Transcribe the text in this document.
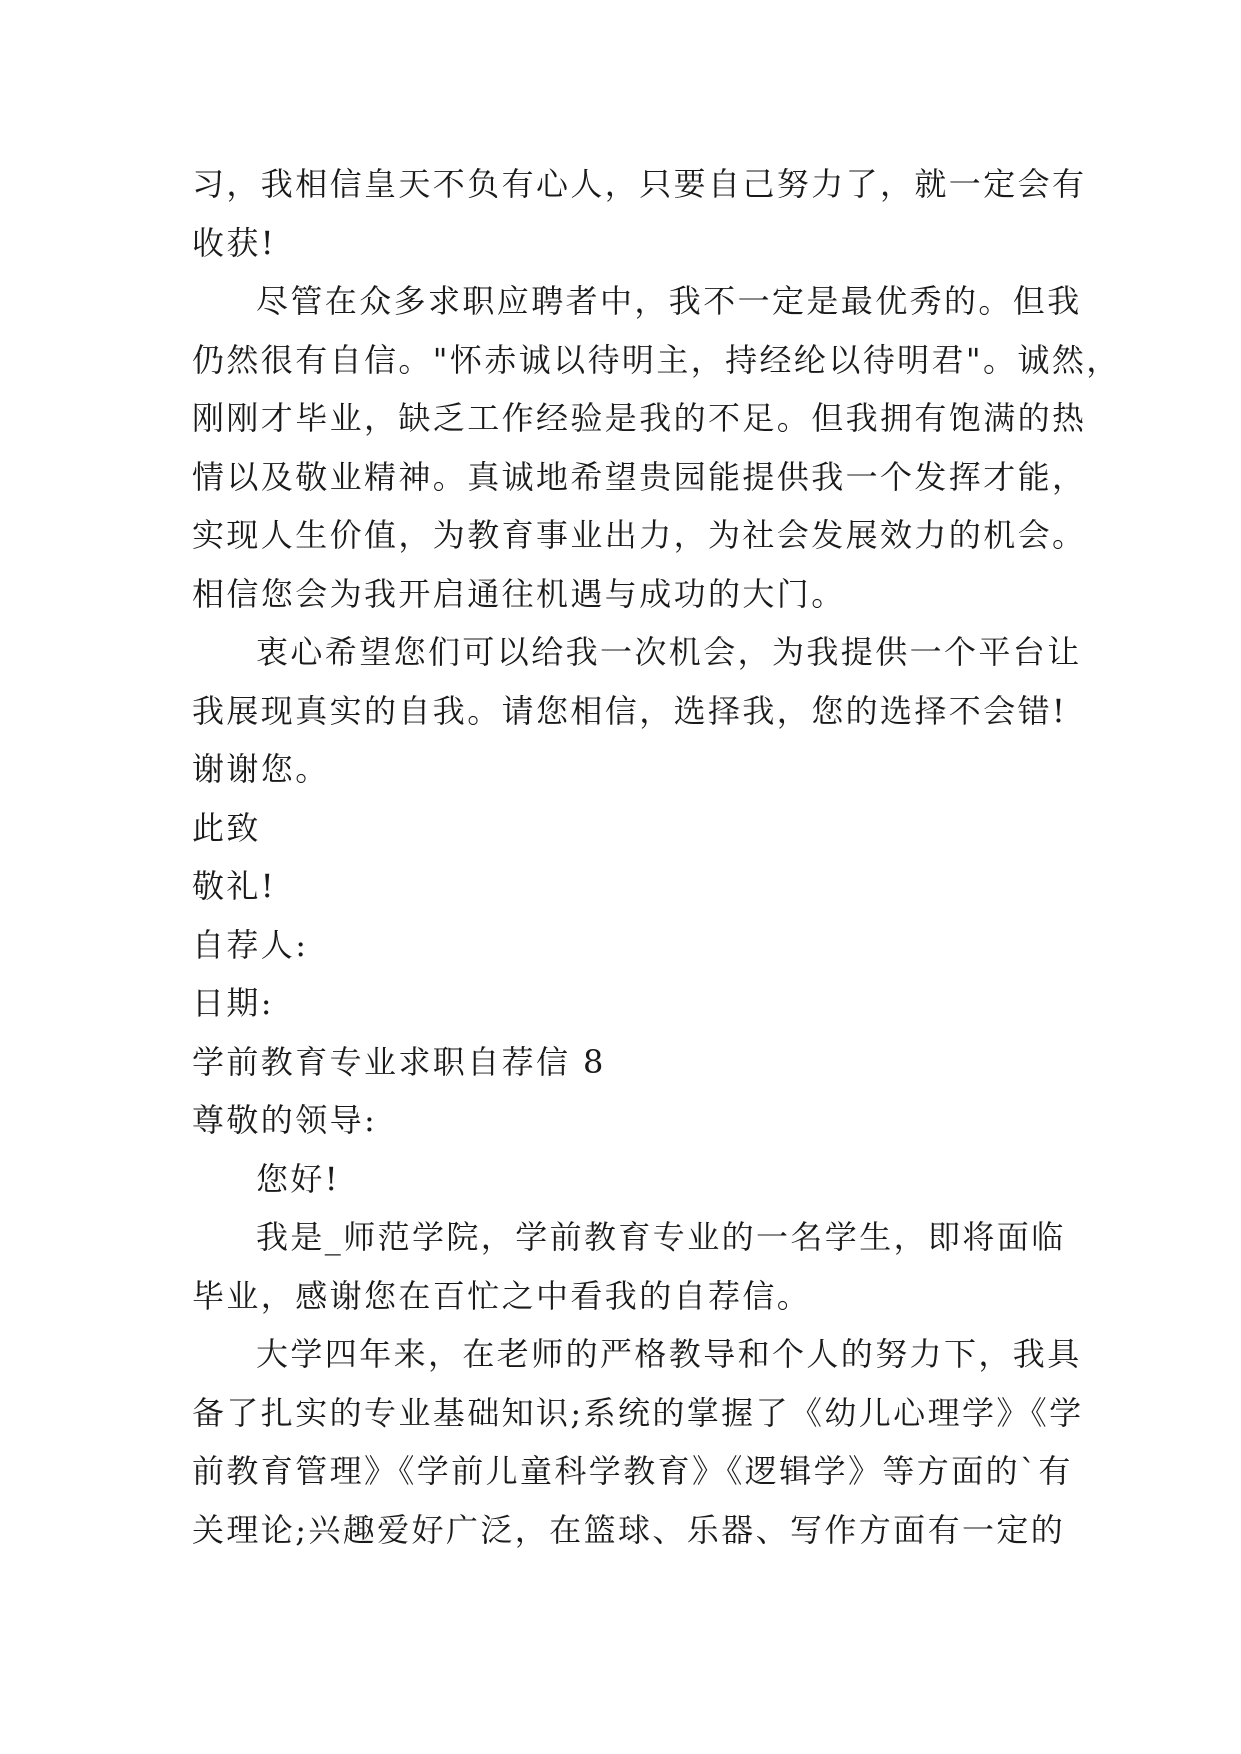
习，我相信皇天不负有心人，只要自己努力了，就一定会有
收获!
尽管在众多求职应聘者中，我不一定是最优秀的。但我
仍然很有自信。"怀赤诚以待明主，持经纶以待明君"。诚然，
刚刚才毕业，缺乏工作经验是我的不足。但我拥有饱满的热
情以及敬业精神。真诚地希望贵园能提供我一个发挥才能，
实现人生价值，为教育事业出力，为社会发展效力的机会。
相信您会为我开启通往机遇与成功的大门。
衷心希望您们可以给我一次机会，为我提供一个平台让
我展现真实的自我。请您相信，选择我，您的选择不会错!
谢谢您。
此致
敬礼!
自荐人:
日期:
学前教育专业求职自荐信 8
尊敬的领导:
您好!
我是_师范学院，学前教育专业的一名学生，即将面临
毕业，感谢您在百忙之中看我的自荐信。
大学四年来，在老师的严格教导和个人的努力下，我具
备了扎实的专业基础知识;系统的掌握了《幼儿心理学》《学
前教育管理》《学前儿童科学教育》《逻辑学》等方面的`有
关理论;兴趣爱好广泛，在篮球、乐器、写作方面有一定的
